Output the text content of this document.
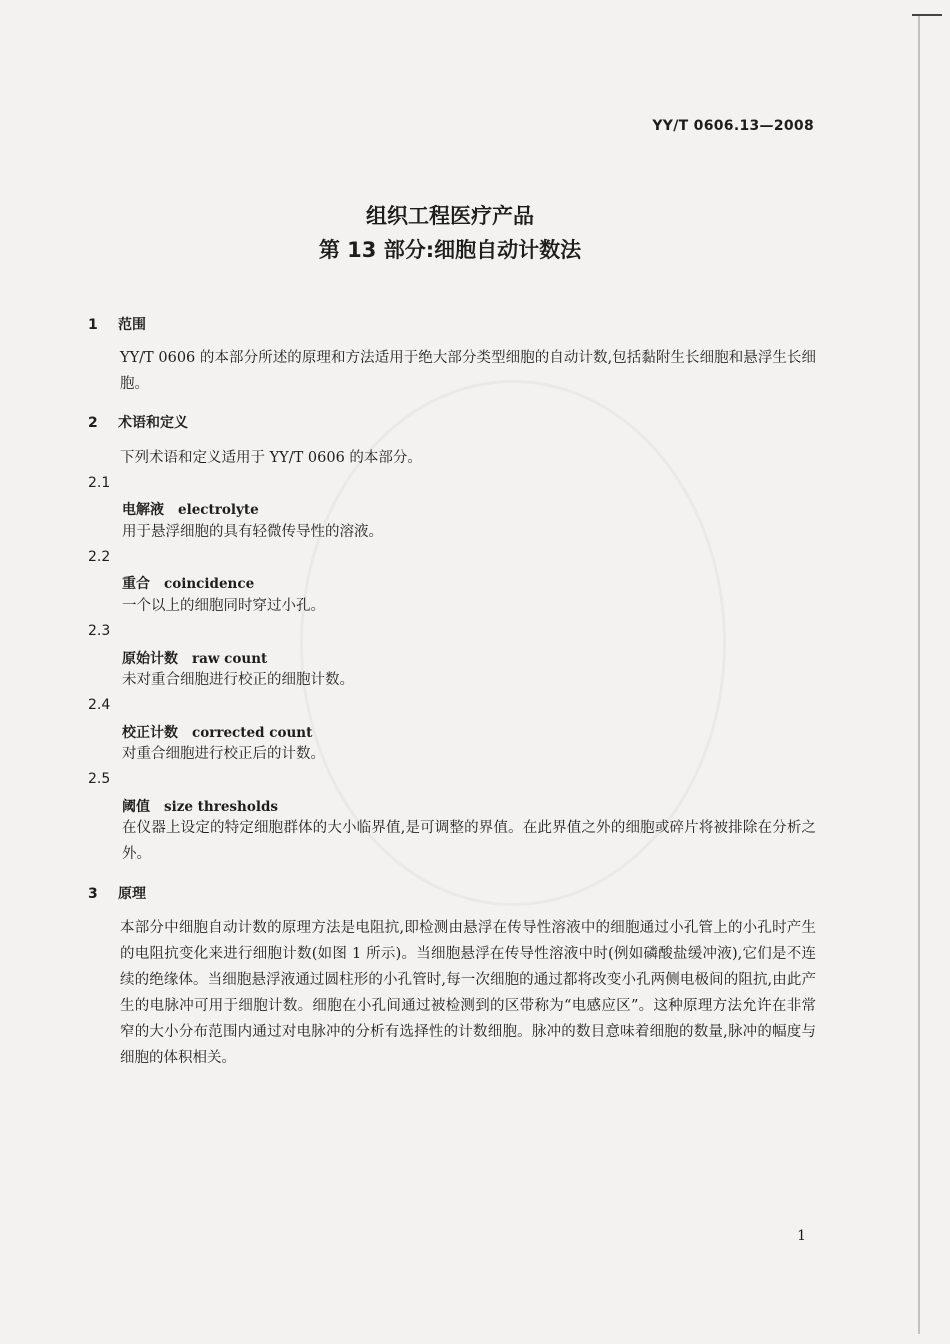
YY/T 0606.13—2008
组织工程医疗产品
第 13 部分:细胞自动计数法
1 范围
YY/T 0606 的本部分所述的原理和方法适用于绝大部分类型细胞的自动计数,包括黏附生长细胞和悬浮生长细胞。
2 术语和定义
下列术语和定义适用于 YY/T 0606 的本部分。
2.1
电解液 electrolyte
用于悬浮细胞的具有轻微传导性的溶液。
2.2
重合 coincidence
一个以上的细胞同时穿过小孔。
2.3
原始计数 raw count
未对重合细胞进行校正的细胞计数。
2.4
校正计数 corrected count
对重合细胞进行校正后的计数。
2.5
阈值 size thresholds
在仪器上设定的特定细胞群体的大小临界值,是可调整的界值。在此界值之外的细胞或碎片将被排除在分析之外。
3 原理
本部分中细胞自动计数的原理方法是电阻抗,即检测由悬浮在传导性溶液中的细胞通过小孔管上的小孔时产生的电阻抗变化来进行细胞计数(如图 1 所示)。当细胞悬浮在传导性溶液中时(例如磷酸盐缓冲液),它们是不连续的绝缘体。当细胞悬浮液通过圆柱形的小孔管时,每一次细胞的通过都将改变小孔两侧电极间的阻抗,由此产生的电脉冲可用于细胞计数。细胞在小孔间通过被检测到的区带称为“电感应区”。这种原理方法允许在非常窄的大小分布范围内通过对电脉冲的分析有选择性的计数细胞。脉冲的数目意味着细胞的数量,脉冲的幅度与细胞的体积相关。
1
